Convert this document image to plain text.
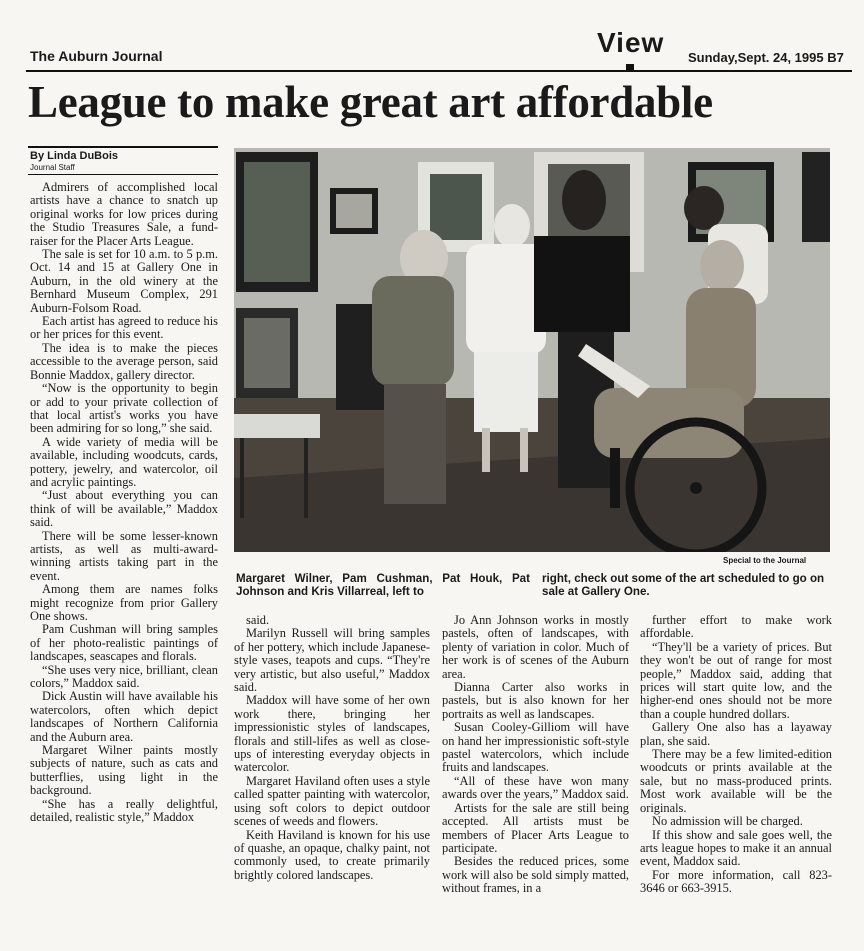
The Auburn Journal	View Sunday,Sept. 24, 1995 B7
League to make great art affordable
By Linda DuBois
Journal Staff

Admirers of accomplished local artists have a chance to snatch up original works for low prices during the Studio Treasures Sale, a fund-raiser for the Placer Arts League.

The sale is set for 10 a.m. to 5 p.m. Oct. 14 and 15 at Gallery One in Auburn, in the old winery at the Bernhard Museum Complex, 291 Auburn-Folsom Road.

Each artist has agreed to reduce his or her prices for this event.

The idea is to make the pieces accessible to the average person, said Bonnie Maddox, gallery director.

“Now is the opportunity to begin or add to your private collection of that local artist's works you have been admiring for so long,” she said.

A wide variety of media will be available, including woodcuts, cards, pottery, jewelry, and watercolor, oil and acrylic paintings.

“Just about everything you can think of will be available,” Maddox said.

There will be some lesser-known artists, as well as multi-award-winning artists taking part in the event.

Among them are names folks might recognize from prior Gallery One shows.

Pam Cushman will bring samples of her photo-realistic paintings of landscapes, seascapes and florals.

“She uses very nice, brilliant, clean colors,” Maddox said.

Dick Austin will have available his watercolors, often which depict landscapes of Northern California and the Auburn area.

Margaret Wilner paints mostly subjects of nature, such as cats and butterflies, using light in the background.

“She has a really delightful, detailed, realistic style,” Maddox

Special to the Journal
Margaret Wilner, Pam Cushman, Pat Houk, Pat Johnson and Kris Villarreal, left to
right, check out some of the art scheduled to go on sale at Gallery One.

said.

Marilyn Russell will bring samples of her pottery, which include Japanese-style vases, teapots and cups. “They're very artistic, but also useful,” Maddox said.

Maddox will have some of her own work there, bringing her impressionistic styles of landscapes, florals and still-lifes as well as close-ups of interesting everyday objects in watercolor.

Margaret Haviland often uses a style called spatter painting with watercolor, using soft colors to depict outdoor scenes of weeds and flowers.

Keith Haviland is known for his use of quashe, an opaque, chalky paint, not commonly used, to create primarily brightly colored landscapes.

Jo Ann Johnson works in mostly pastels, often of landscapes, with plenty of variation in color. Much of her work is of scenes of the Auburn area.

Dianna Carter also works in pastels, but is also known for her portraits as well as landscapes.

Susan Cooley-Gilliom will have on hand her impressionistic soft-style pastel watercolors, which include fruits and landscapes.

“All of these have won many awards over the years,” Maddox said.

Artists for the sale are still being accepted. All artists must be members of Placer Arts League to participate.

Besides the reduced prices, some work will also be sold simply matted, without frames, in a

further effort to make work affordable.

“They'll be a variety of prices. But they won't be out of range for most people,” Maddox said, adding that prices will start quite low, and the higher-end ones should not be more than a couple hundred dollars.

Gallery One also has a layaway plan, she said.

There may be a few limited-edition woodcuts or prints available at the sale, but no mass-produced prints. Most work available will be the originals.

No admission will be charged.

If this show and sale goes well, the arts league hopes to make it an annual event, Maddox said.

For more information, call 823-3646 or 663-3915.
